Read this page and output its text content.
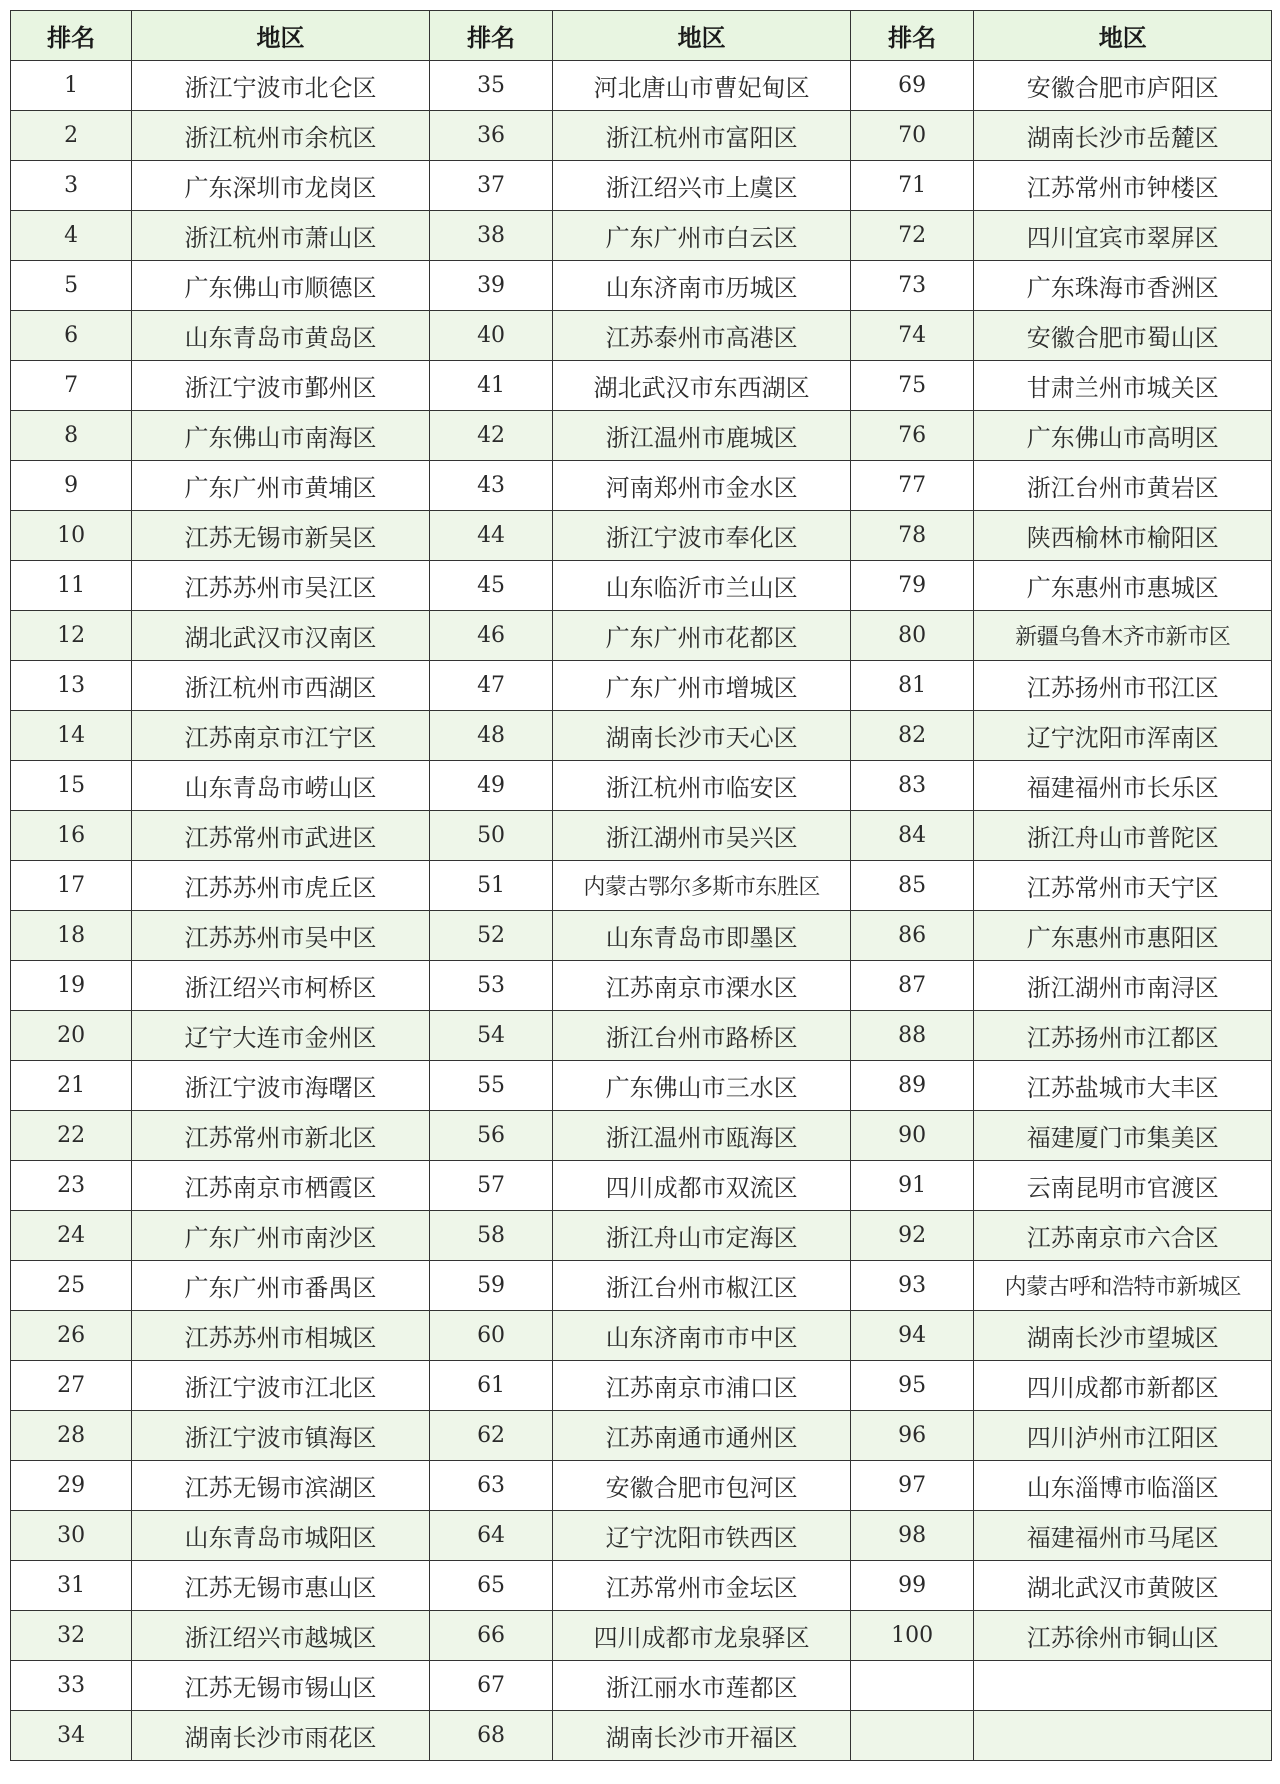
排名	地区	排名	地区	排名	地区
1	浙江宁波市北仑区	35	河北唐山市曹妃甸区	69	安徽合肥市庐阳区
2	浙江杭州市余杭区	36	浙江杭州市富阳区	70	湖南长沙市岳麓区
3	广东深圳市龙岗区	37	浙江绍兴市上虞区	71	江苏常州市钟楼区
4	浙江杭州市萧山区	38	广东广州市白云区	72	四川宜宾市翠屏区
5	广东佛山市顺德区	39	山东济南市历城区	73	广东珠海市香洲区
6	山东青岛市黄岛区	40	江苏泰州市高港区	74	安徽合肥市蜀山区
7	浙江宁波市鄞州区	41	湖北武汉市东西湖区	75	甘肃兰州市城关区
8	广东佛山市南海区	42	浙江温州市鹿城区	76	广东佛山市高明区
9	广东广州市黄埔区	43	河南郑州市金水区	77	浙江台州市黄岩区
10	江苏无锡市新吴区	44	浙江宁波市奉化区	78	陕西榆林市榆阳区
11	江苏苏州市吴江区	45	山东临沂市兰山区	79	广东惠州市惠城区
12	湖北武汉市汉南区	46	广东广州市花都区	80	新疆乌鲁木齐市新市区
13	浙江杭州市西湖区	47	广东广州市增城区	81	江苏扬州市邗江区
14	江苏南京市江宁区	48	湖南长沙市天心区	82	辽宁沈阳市浑南区
15	山东青岛市崂山区	49	浙江杭州市临安区	83	福建福州市长乐区
16	江苏常州市武进区	50	浙江湖州市吴兴区	84	浙江舟山市普陀区
17	江苏苏州市虎丘区	51	内蒙古鄂尔多斯市东胜区	85	江苏常州市天宁区
18	江苏苏州市吴中区	52	山东青岛市即墨区	86	广东惠州市惠阳区
19	浙江绍兴市柯桥区	53	江苏南京市溧水区	87	浙江湖州市南浔区
20	辽宁大连市金州区	54	浙江台州市路桥区	88	江苏扬州市江都区
21	浙江宁波市海曙区	55	广东佛山市三水区	89	江苏盐城市大丰区
22	江苏常州市新北区	56	浙江温州市瓯海区	90	福建厦门市集美区
23	江苏南京市栖霞区	57	四川成都市双流区	91	云南昆明市官渡区
24	广东广州市南沙区	58	浙江舟山市定海区	92	江苏南京市六合区
25	广东广州市番禺区	59	浙江台州市椒江区	93	内蒙古呼和浩特市新城区
26	江苏苏州市相城区	60	山东济南市市中区	94	湖南长沙市望城区
27	浙江宁波市江北区	61	江苏南京市浦口区	95	四川成都市新都区
28	浙江宁波市镇海区	62	江苏南通市通州区	96	四川泸州市江阳区
29	江苏无锡市滨湖区	63	安徽合肥市包河区	97	山东淄博市临淄区
30	山东青岛市城阳区	64	辽宁沈阳市铁西区	98	福建福州市马尾区
31	江苏无锡市惠山区	65	江苏常州市金坛区	99	湖北武汉市黄陂区
32	浙江绍兴市越城区	66	四川成都市龙泉驿区	100	江苏徐州市铜山区
33	江苏无锡市锡山区	67	浙江丽水市莲都区		
34	湖南长沙市雨花区	68	湖南长沙市开福区		
